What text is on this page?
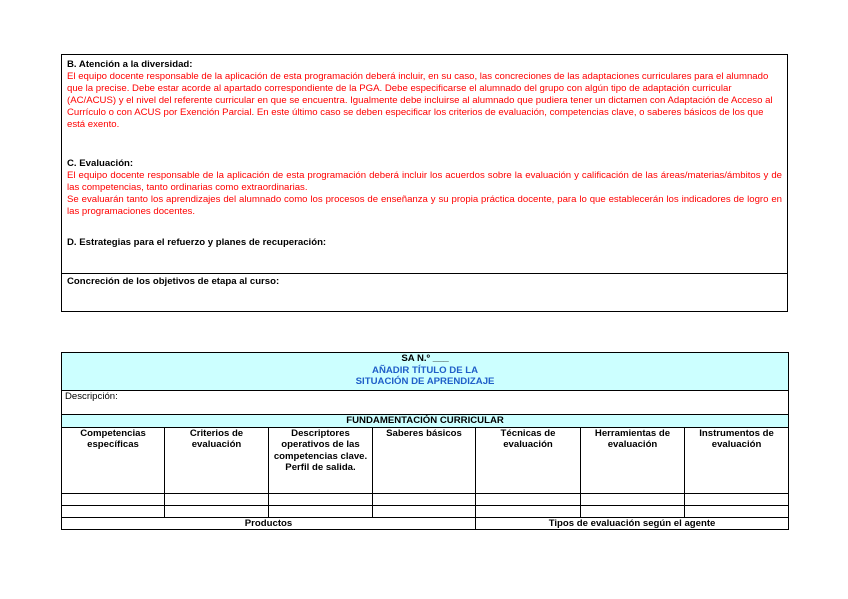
B. Atención a la diversidad:
El equipo docente responsable de la aplicación de esta programación deberá incluir, en su caso, las concreciones de las adaptaciones curriculares para el alumnado que la precise. Debe estar acorde al apartado correspondiente de la PGA. Debe especificarse el alumnado del grupo con algún tipo de adaptación curricular (AC/ACUS) y el nivel del referente curricular en que se encuentra. Igualmente debe incluirse al alumnado que pudiera tener un dictamen con Adaptación de Acceso al Currículo o con ACUS por Exención Parcial. En este último caso se deben especificar los criterios de evaluación, competencias clave, o saberes básicos de los que está exento.
C. Evaluación:
El equipo docente responsable de la aplicación de esta programación deberá incluir los acuerdos sobre la evaluación y calificación de las áreas/materias/ámbitos y de las competencias, tanto ordinarias como extraordinarias.
Se evaluarán tanto los aprendizajes del alumnado como los procesos de enseñanza y su propia práctica docente, para lo que establecerán los indicadores de logro en las programaciones docentes.
D. Estrategias para el refuerzo y planes de recuperación:
Concreción de los objetivos de etapa al curso:
SA N.º ___
AÑADIR TÍTULO DE LA
SITUACIÓN DE APRENDIZAJE						

Descripción:						
FUNDAMENTACIÓN CURRICULAR						
Competencias específicas	Criterios de evaluación	Descriptores operativos de las competencias clave. Perfil de salida.	Saberes básicos	Técnicas de evaluación	Herramientas de evaluación	Instrumentos de evaluación

Productos				Tipos de evaluación según el agente		
